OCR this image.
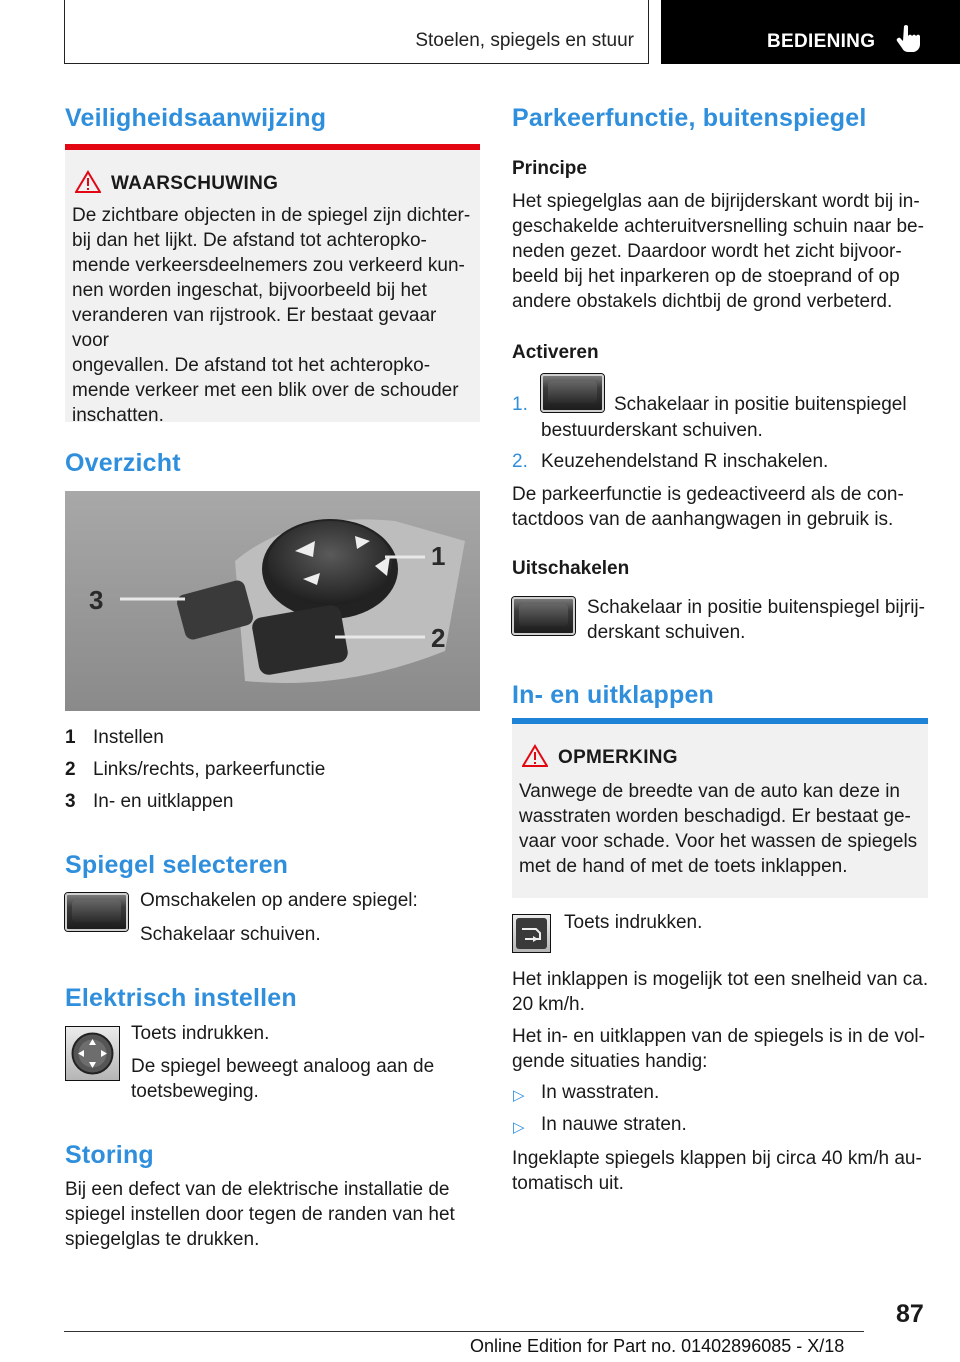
Stoelen, spiegels en stuur	BEDIENING
Veiligheidsaanwijzing
WAARSCHUWING
De zichtbare objecten in de spiegel zijn dichter-
bij dan het lijkt. De afstand tot achteropko-
mende verkeersdeelnemers zou verkeerd kun-
nen worden ingeschat, bijvoorbeeld bij het
veranderen van rijstrook. Er bestaat gevaar voor
ongevallen. De afstand tot het achteropko-
mende verkeer met een blik over de schouder
inschatten.
Overzicht
1
2
3
1 Instellen
2 Links/rechts, parkeerfunctie
3 In- en uitklappen
Spiegel selecteren
Omschakelen op andere spiegel:
Schakelaar schuiven.
Elektrisch instellen
Toets indrukken.
De spiegel beweegt analoog aan de
toetsbeweging.
Storing
Bij een defect van de elektrische installatie de
spiegel instellen door tegen de randen van het
spiegelglas te drukken.
Parkeerfunctie, buitenspiegel
Principe
Het spiegelglas aan de bijrijderskant wordt bij in-
geschakelde achteruitversnelling schuin naar be-
neden gezet. Daardoor wordt het zicht bijvoor-
beeld bij het inparkeren op de stoeprand of op
andere obstakels dichtbij de grond verbeterd.
Activeren
1.	Schakelaar in positie buitenspiegel
bestuurderskant schuiven.
2. Keuzehendelstand R inschakelen.
De parkeerfunctie is gedeactiveerd als de con-
tactdoos van de aanhangwagen in gebruik is.
Uitschakelen
Schakelaar in positie buitenspiegel bijrij-
derskant schuiven.
In- en uitklappen
OPMERKING
Vanwege de breedte van de auto kan deze in
wasstraten worden beschadigd. Er bestaat ge-
vaar voor schade. Voor het wassen de spiegels
met de hand of met de toets inklappen.
Toets indrukken.
Het inklappen is mogelijk tot een snelheid van ca.
20 km/h.
Het in- en uitklappen van de spiegels is in de vol-
gende situaties handig:
▷ In wasstraten.
▷ In nauwe straten.
Ingeklapte spiegels klappen bij circa 40 km/h au-
tomatisch uit.
87
Online Edition for Part no. 01402896085 - X/18
